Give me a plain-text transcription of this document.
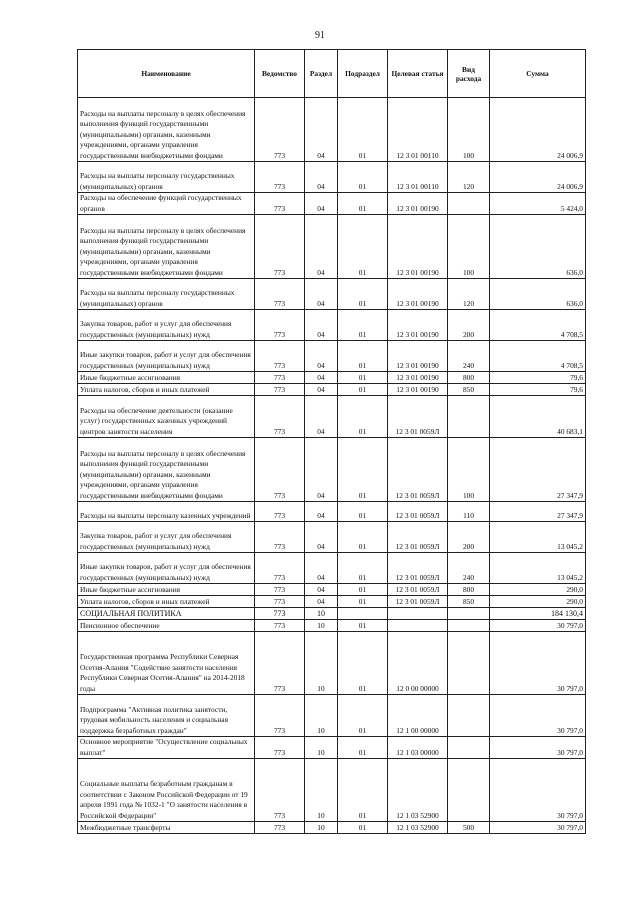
91
Наименование	Ведомство	Раздел	Подраздел	Целевая статья	Вид расхода	Сумма
Расходы на выплаты персоналу в целях обеспечения выполнения функций государственными (муниципальными) органами, казенными учреждениями, органами управления государственными внебюджетными фондами	773	04	01	12 3 01 00110	100	24 006,9
Расходы на выплаты персоналу государственных (муниципальных) органов	773	04	01	12 3 01 00110	120	24 006,9
Расходы на обеспечение функций государственных органов	773	04	01	12 3 01 00190		5 424,0
Расходы на выплаты персоналу в целях обеспечения выполнения функций государственными (муниципальными) органами, казенными учреждениями, органами управления государственными внебюджетными фондами	773	04	01	12 3 01 00190	100	636,0
Расходы на выплаты персоналу государственных (муниципальных) органов	773	04	01	12 3 01 00190	120	636,0
Закупка товаров, работ и услуг для обеспечения государственных (муниципальных) нужд	773	04	01	12 3 01 00190	200	4 708,5
Иные закупки товаров, работ и услуг для обеспечения государственных (муниципальных) нужд	773	04	01	12 3 01 00190	240	4 708,5
Иные бюджетные ассигнования	773	04	01	12 3 01 00190	800	79,6
Уплата налогов, сборов и иных платежей	773	04	01	12 3 01 00190	850	79,6
Расходы на обеспечение деятельности (оказание услуг) государственных казенных учреждений центров занятости населения	773	04	01	12 3 01 0059Л		40 683,1
Расходы на выплаты персоналу в целях обеспечения выполнения функций государственными (муниципальными) органами, казенными учреждениями, органами управления государственными внебюджетными фондами	773	04	01	12 3 01 0059Л	100	27 347,9
Расходы на выплаты персоналу казенных учреждений	773	04	01	12 3 01 0059Л	110	27 347,9
Закупка товаров, работ и услуг для обеспечения государственных (муниципальных) нужд	773	04	01	12 3 01 0059Л	200	13 045,2
Иные закупки товаров, работ и услуг для обеспечения государственных (муниципальных) нужд	773	04	01	12 3 01 0059Л	240	13 045,2
Иные бюджетные ассигнования	773	04	01	12 3 01 0059Л	800	290,0
Уплата налогов, сборов и иных платежей	773	04	01	12 3 01 0059Л	850	290,0
СОЦИАЛЬНАЯ ПОЛИТИКА	773	10				184 130,4
Пенсионное обеспечение	773	10	01			30 797,0
Государственная программа Республики Северная Осетия-Алания "Содействие занятости населения Республики Северная Осетия-Алания" на 2014-2018 годы	773	10	01	12 0 00 00000		30 797,0
Подпрограмма "Активная политика занятости, трудовая мобильность населения и социальная поддержка безработных граждан"	773	10	01	12 1 00 00000		30 797,0
Основное мероприятие "Осуществление социальных выплат"	773	10	01	12 1 03 00000		30 797,0
Социальные выплаты безработным гражданам в соответствии с Законом Российской Федерации от 19 апреля 1991 года № 1032-1 "О занятости населения в Российской Федерации"	773	10	01	12 1 03 52900		30 797,0
Межбюджетные трансферты	773	10	01	12 1 03 52900	500	30 797,0
